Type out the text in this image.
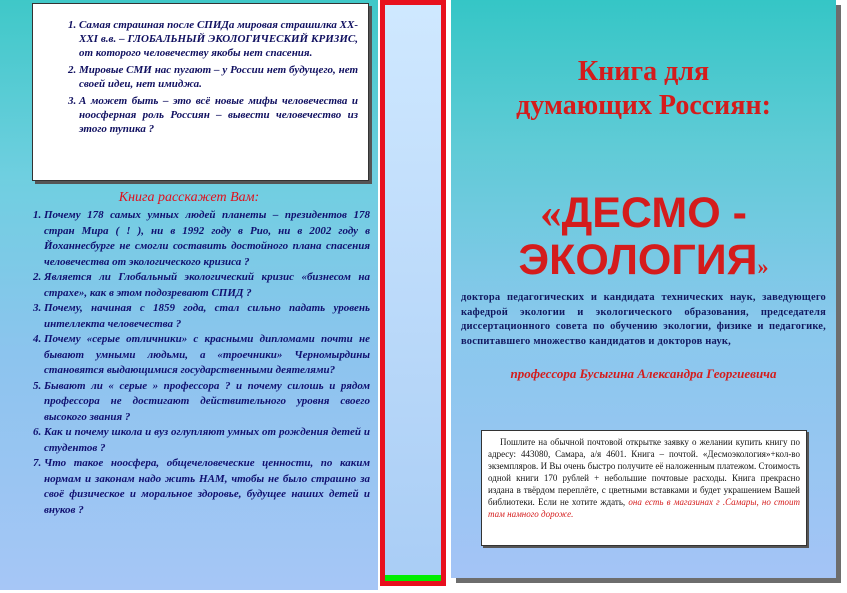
1. Самая страшная после СПИДа мировая страшилка XX-XXI в.в. – ГЛОБАЛЬНЫЙ ЭКОЛОГИЧЕСКИЙ КРИЗИС, от которого человечеству якобы нет спасения.
2. Мировые СМИ нас пугают – у России нет будущего, нет своей идеи, нет имиджа.
3. А может быть – это всё новые мифы человечества и ноосферная роль Россиян – вывести человечество из этого тупика ?
Книга расскажет Вам:
1. Почему 178 самых умных людей планеты – президентов 178 стран Мира ( ! ), ни в 1992 году в Рио, ни в 2002 году в Йоханнесбурге не смогли составить достойного плана спасения человечества от экологического кризиса ?
2. Является ли Глобальный экологический кризис «бизнесом на страхе», как в этом подозревают СПИД ?
3. Почему, начиная с 1859 года, стал сильно падать уровень интеллекта человечества ?
4. Почему «серые отличники» с красными дипломами почти не бывают умными людьми, а «троечники» Черномырдины становятся выдающимися государственными деятелями?
5. Бывают ли « серые » профессора ? и почему силошь и рядом профессора не достигают действительного уровня своего высокого звания ?
6. Как и почему школа и вуз оглупляют умных от рождения детей и студентов ?
7. Что такое ноосфера, общечеловеческие ценности, по каким нормам и законам надо жить НАМ, чтобы не было страшно за своё физическое и моральное здоровье, будущее наших детей и внуков ?
Книга для
думающих Россиян:
«ДЕСМО -
ЭКОЛОГИЯ»
доктора педагогических и кандидата технических наук, заведующего кафедрой экологии и экологического образования, председателя диссертационного совета по обучению экологии, физике и педагогике, воспитавшего множество кандидатов и докторов наук,
профессора Бусыгина Александра Георгиевича
Пошлите на обычной почтовой открытке заявку о желании купить книгу по адресу: 443080, Самара, а/я 4601. Книга – почтой. «Десмоэкология»+кол-во экземпляров. И Вы очень быстро получите её наложенным платежом. Стоимость одной книги 170 рублей + небольшие почтовые расходы. Книга прекрасно издана в твёрдом переплёте, с цветными вставками и будет украшением Вашей библиотеки. Если не хотите ждать, она есть в магазинах г .Самары, но стоит там намного дороже.
